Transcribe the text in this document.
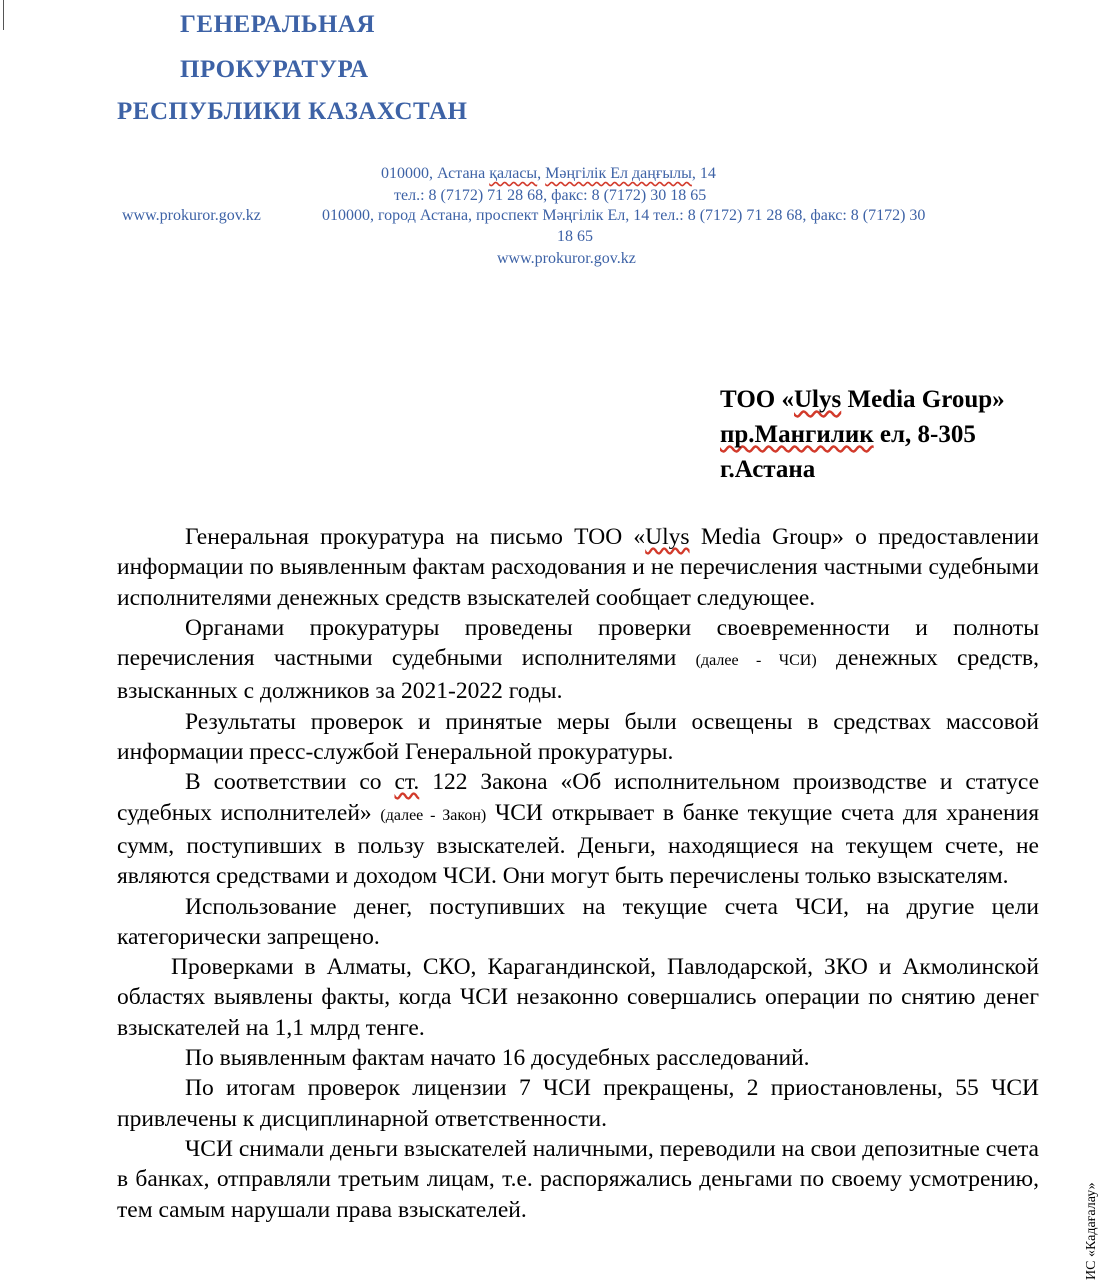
ГЕНЕРАЛЬНАЯ
ПРОКУРАТУРА
РЕСПУБЛИКИ КАЗАХСТАН
010000, Астана қаласы, Мәңгілік Ел даңғылы, 14
тел.: 8 (7172) 71 28 68, факс: 8 (7172) 30 18 65
www.prokuror.gov.kz	010000, город Астана, проспект Мәңгілік Ел, 14 тел.: 8 (7172) 71 28 68, факс: 8 (7172) 30
18 65
www.prokuror.gov.kz
ТОО «Ulys Media Group»
пр.Мангилик ел, 8-305
г.Астана

Генеральная прокуратура на письмо ТОО «Ulys Media Group» о предоставлении информации по выявленным фактам расходования и не перечисления частными судебными исполнителями денежных средств взыскателей сообщает следующее.

Органами прокуратуры проведены проверки своевременности и полноты перечисления частными судебными исполнителями (далее - ЧСИ) денежных средств, взысканных с должников за 2021-2022 годы.

Результаты проверок и принятые меры были освещены в средствах массовой информации пресс-службой Генеральной прокуратуры.

В соответствии со ст. 122 Закона «Об исполнительном производстве и статусе судебных исполнителей» (далее - Закон) ЧСИ открывает в банке текущие счета для хранения сумм, поступивших в пользу взыскателей. Деньги, находящиеся на текущем счете, не являются средствами и доходом ЧСИ. Они могут быть перечислены только взыскателям.

Использование денег, поступивших на текущие счета ЧСИ, на другие цели категорически запрещено.

Проверками в Алматы, СКО, Карагандинской, Павлодарской, ЗКО и Акмолинской областях выявлены факты, когда ЧСИ незаконно совершались операции по снятию денег взыскателей на 1,1 млрд тенге.

По выявленным фактам начато 16 досудебных расследований.

По итогам проверок лицензии 7 ЧСИ прекращены, 2 приостановлены, 55 ЧСИ привлечены к дисциплинарной ответственности.

ЧСИ снимали деньги взыскателей наличными, переводили на свои депозитные счета в банках, отправляли третьим лицам, т.е. распоряжались деньгами по своему усмотрению, тем самым нарушали права взыскателей.	ИС «Кадағалау»
